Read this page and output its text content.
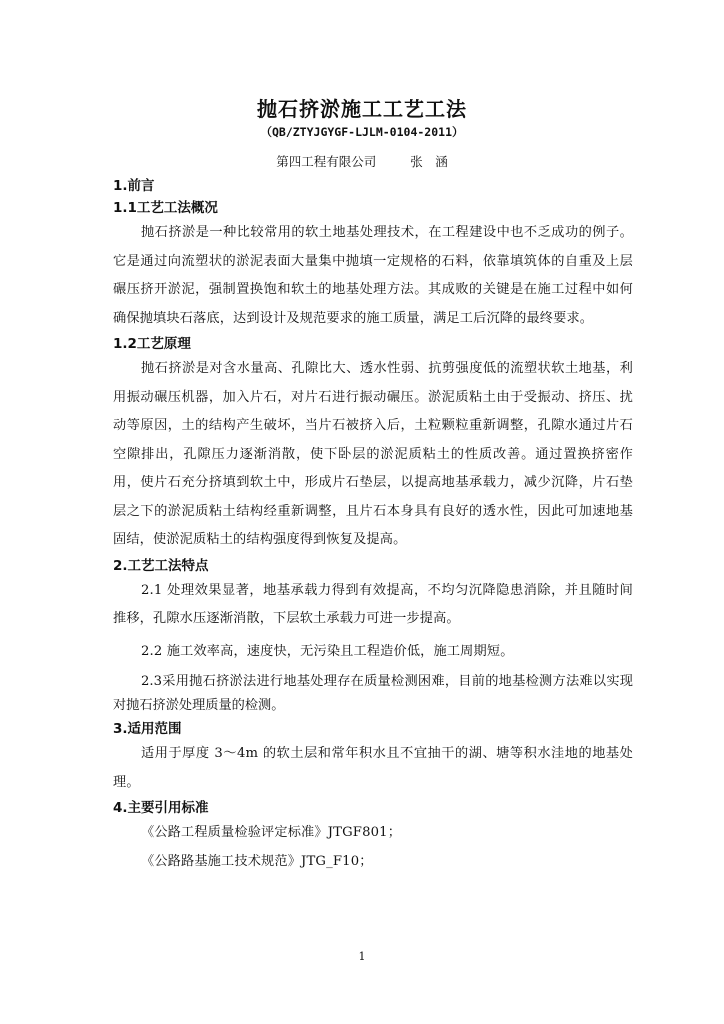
抛石挤淤施工工艺工法
（QB/ZTYJGYGF-LJLM-0104-2011）
第四工程有限公司	张　涵

1.前言

1.1工艺工法概况

抛石挤淤是一种比较常用的软土地基处理技术，在工程建设中也不乏成功的例子。它是通过向流塑状的淤泥表面大量集中抛填一定规格的石料，依靠填筑体的自重及上层碾压挤开淤泥，强制置换饱和软土的地基处理方法。其成败的关键是在施工过程中如何确保抛填块石落底，达到设计及规范要求的施工质量，满足工后沉降的最终要求。

1.2工艺原理

抛石挤淤是对含水量高、孔隙比大、透水性弱、抗剪强度低的流塑状软土地基，利用振动碾压机器，加入片石，对片石进行振动碾压。淤泥质粘土由于受振动、挤压、扰动等原因，土的结构产生破坏，当片石被挤入后，土粒颗粒重新调整，孔隙水通过片石空隙排出，孔隙压力逐渐消散，使下卧层的淤泥质粘土的性质改善。通过置换挤密作用，使片石充分挤填到软土中，形成片石垫层，以提高地基承载力，减少沉降，片石垫层之下的淤泥质粘土结构经重新调整，且片石本身具有良好的透水性，因此可加速地基固结，使淤泥质粘土的结构强度得到恢复及提高。

2.工艺工法特点

2.1 处理效果显著，地基承载力得到有效提高，不均匀沉降隐患消除，并且随时间推移，孔隙水压逐渐消散，下层软土承载力可进一步提高。

2.2 施工效率高，速度快，无污染且工程造价低，施工周期短。

2.3采用抛石挤淤法进行地基处理存在质量检测困难，目前的地基检测方法难以实现对抛石挤淤处理质量的检测。

3.适用范围

适用于厚度 3～4m 的软土层和常年积水且不宜抽干的湖、塘等积水洼地的地基处理。

4.主要引用标准

《公路工程质量检验评定标准》JTGF801；

《公路路基施工技术规范》JTG_F10；

1
